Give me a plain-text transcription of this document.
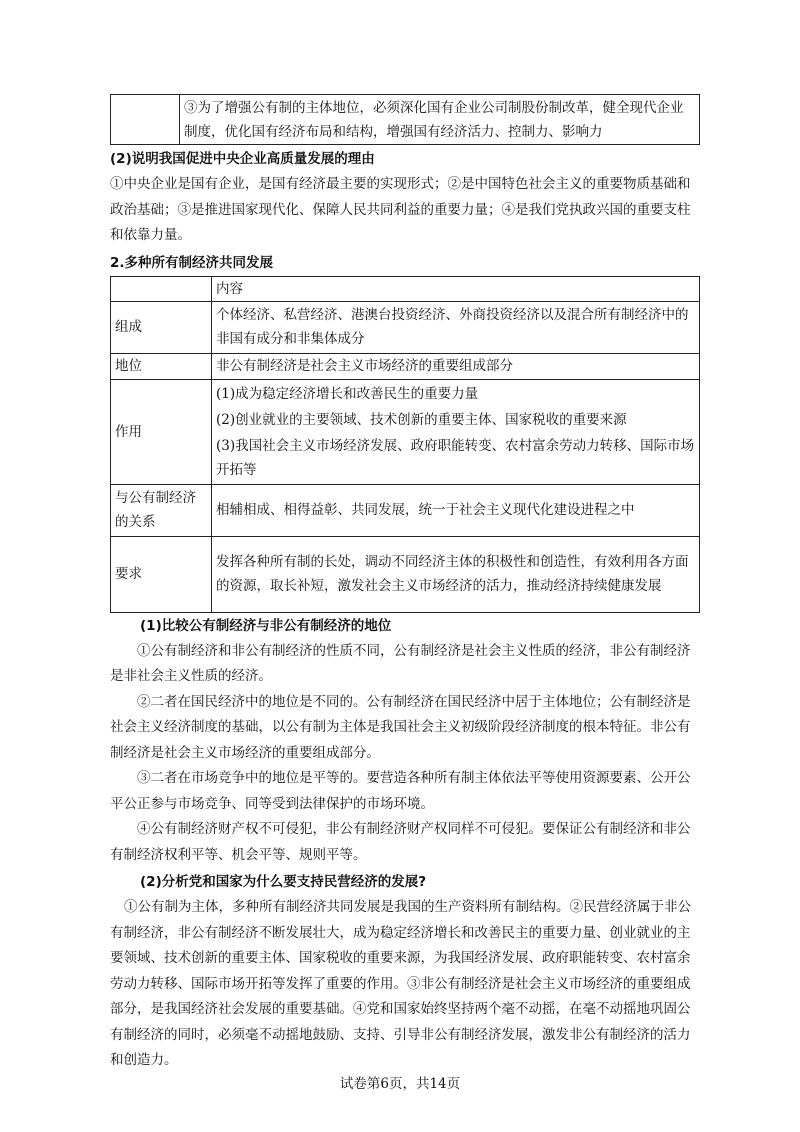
	③为了增强公有制的主体地位，必须深化国有企业公司制股份制改革，健全现代企业制度，优化国有经济布局和结构，增强国有经济活力、控制力、影响力

(2)说明我国促进中央企业高质量发展的理由

①中央企业是国有企业，是国有经济最主要的实现形式；②是中国特色社会主义的重要物质基础和政治基础；③是推进国家现代化、保障人民共同利益的重要力量；④是我们党执政兴国的重要支柱和依靠力量。

2.多种所有制经济共同发展

	内容
组成	个体经济、私营经济、港澳台投资经济、外商投资经济以及混合所有制经济中的非国有成分和非集体成分
地位	非公有制经济是社会主义市场经济的重要组成部分
作用	(1)成为稳定经济增长和改善民生的重要力量
(2)创业就业的主要领域、技术创新的重要主体、国家税收的重要来源
(3)我国社会主义市场经济发展、政府职能转变、农村富余劳动力转移、国际市场开拓等

与公有制经济的关系	相辅相成、相得益彰、共同发展，统一于社会主义现代化建设进程之中
要求	发挥各种所有制的长处，调动不同经济主体的积极性和创造性，有效利用各方面的资源，取长补短，激发社会主义市场经济的活力，推动经济持续健康发展

(1)比较公有制经济与非公有制经济的地位

①公有制经济和非公有制经济的性质不同，公有制经济是社会主义性质的经济，非公有制经济是非社会主义性质的经济。

②二者在国民经济中的地位是不同的。公有制经济在国民经济中居于主体地位；公有制经济是社会主义经济制度的基础，以公有制为主体是我国社会主义初级阶段经济制度的根本特征。非公有制经济是社会主义市场经济的重要组成部分。

③二者在市场竞争中的地位是平等的。要营造各种所有制主体依法平等使用资源要素、公开公平公正参与市场竞争、同等受到法律保护的市场环境。

④公有制经济财产权不可侵犯，非公有制经济财产权同样不可侵犯。要保证公有制经济和非公有制经济权利平等、机会平等、规则平等。

(2)分析党和国家为什么要支持民营经济的发展?

①公有制为主体，多种所有制经济共同发展是我国的生产资料所有制结构。②民营经济属于非公有制经济，非公有制经济不断发展壮大，成为稳定经济增长和改善民主的重要力量、创业就业的主要领域、技术创新的重要主体、国家税收的重要来源，为我国经济发展、政府职能转变、农村富余劳动力转移、国际市场开拓等发挥了重要的作用。③非公有制经济是社会主义市场经济的重要组成部分，是我国经济社会发展的重要基础。④党和国家始终坚持两个毫不动摇，在毫不动摇地巩固公有制经济的同时，必须毫不动摇地鼓励、支持、引导非公有制经济发展，激发非公有制经济的活力和创造力。

试卷第6页，共14页
